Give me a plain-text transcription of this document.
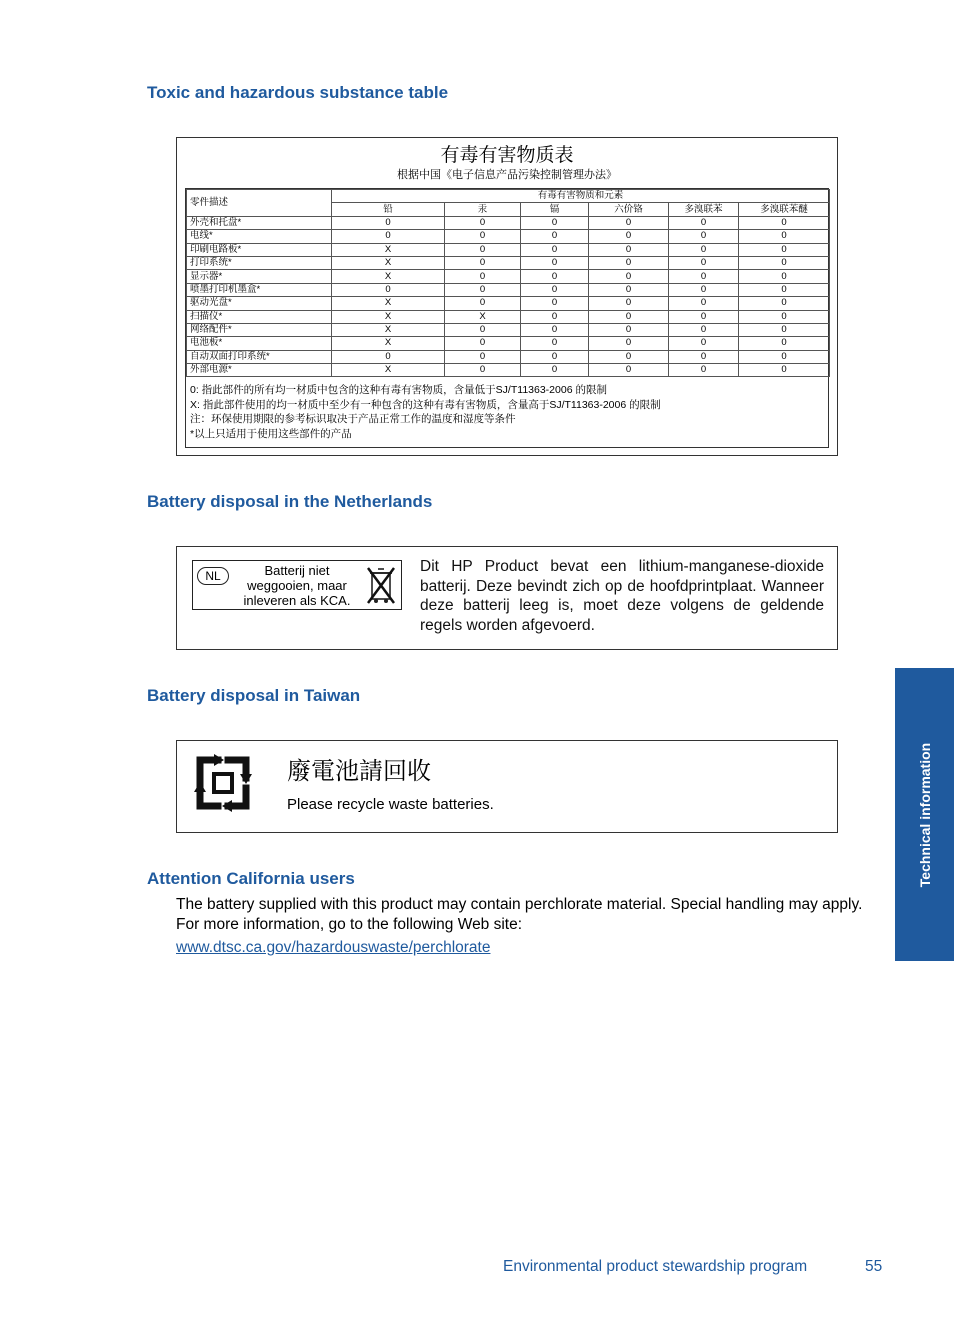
Toxic and hazardous substance table
有毒有害物质表
根据中国《电子信息产品污染控制管理办法》
零件描述	有毒有害物质和元素					
	铅	汞	镉	六价铬	多溴联苯	多溴联苯醚
外壳和托盘*	0	0	0	0	0	0
电线*	0	0	0	0	0	0
印刷电路板*	X	0	0	0	0	0
打印系统*	X	0	0	0	0	0
显示器*	X	0	0	0	0	0
喷墨打印机墨盒*	0	0	0	0	0	0
驱动光盘*	X	0	0	0	0	0
扫描仪*	X	X	0	0	0	0
网络配件*	X	0	0	0	0	0
电池板*	X	0	0	0	0	0
自动双面打印系统*	0	0	0	0	0	0
外部电源*	X	0	0	0	0	0
0: 指此部件的所有均一材质中包含的这种有毒有害物质，含量低于SJ/T11363-2006 的限制
X: 指此部件使用的均一材质中至少有一种包含的这种有毒有害物质，含量高于SJ/T11363-2006 的限制
注：环保使用期限的参考标识取决于产品正常工作的温度和湿度等条件
*以上只适用于使用这些部件的产品
Battery disposal in the Netherlands
NL	Batterij niet
weggooien, maar
inleveren als KCA.
Dit HP Product bevat een lithium-manganese-dioxide batterij. Deze bevindt zich op de hoofdprintplaat. Wanneer deze batterij leeg is, moet deze volgens de geldende regels worden afgevoerd.
Battery disposal in Taiwan
廢電池請回收
Please recycle waste batteries.
Attention California users
The battery supplied with this product may contain perchlorate material. Special handling may apply. For more information, go to the following Web site:
www.dtsc.ca.gov/hazardouswaste/perchlorate
Technical information
Environmental product stewardship program	55
